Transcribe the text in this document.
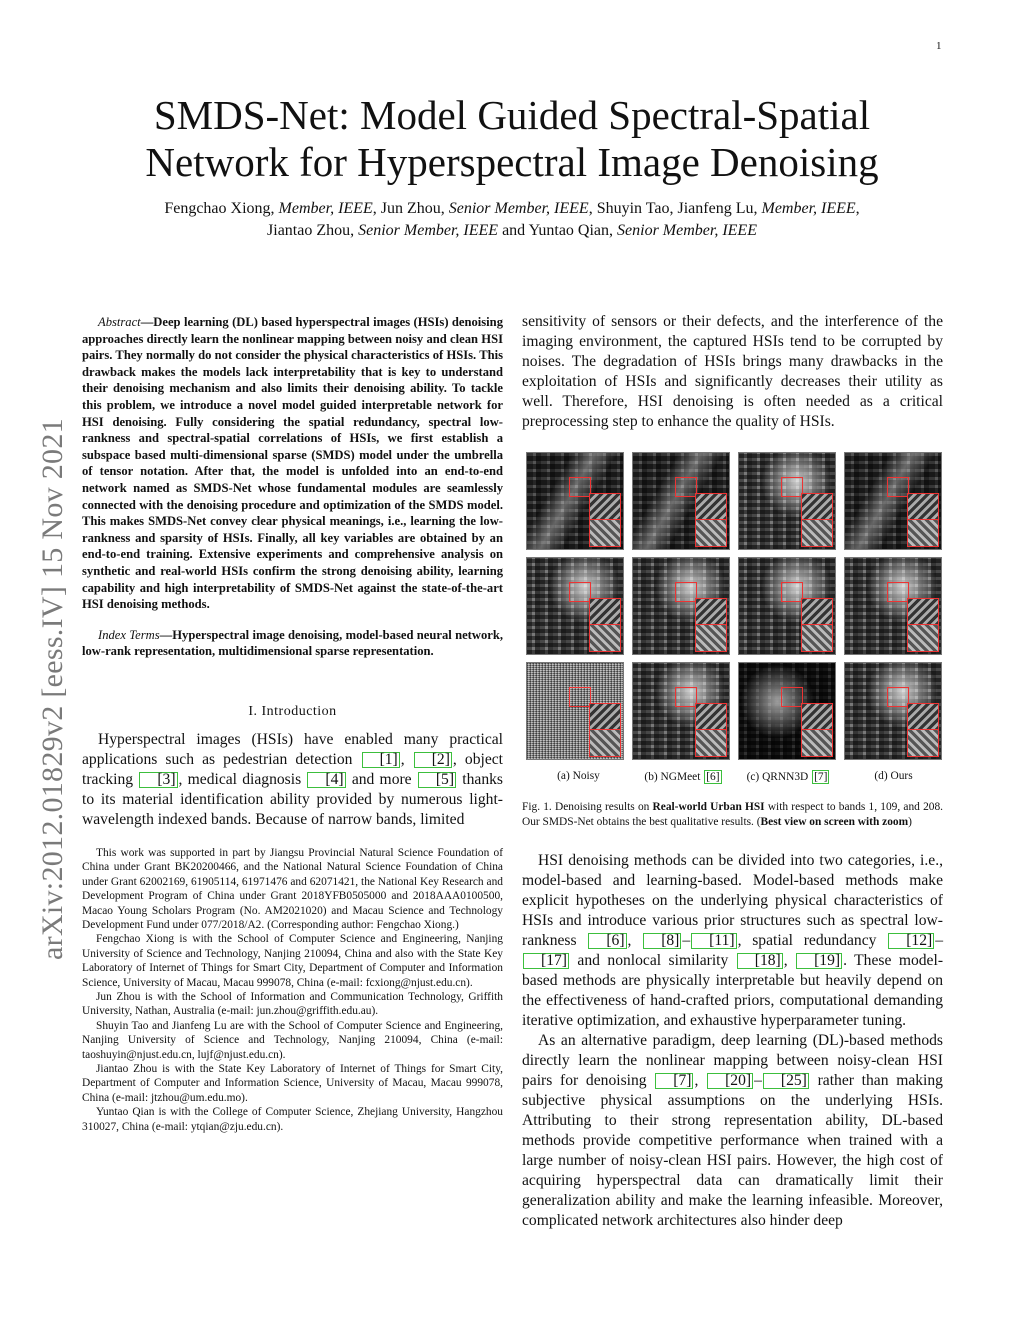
1
arXiv:2012.01829v2 [eess.IV] 15 Nov 2021
SMDS-Net: Model Guided Spectral-Spatial
Network for Hyperspectral Image Denoising
Fengchao Xiong, Member, IEEE, Jun Zhou, Senior Member, IEEE, Shuyin Tao, Jianfeng Lu, Member, IEEE,
Jiantao Zhou, Senior Member, IEEE and Yuntao Qian, Senior Member, IEEE

Abstract—Deep learning (DL) based hyperspectral images (HSIs) denoising approaches directly learn the nonlinear mapping between noisy and clean HSI pairs. They normally do not consider the physical characteristics of HSIs. This drawback makes the models lack interpretability that is key to understand their denoising mechanism and also limits their denoising ability. To tackle this problem, we introduce a novel model guided interpretable network for HSI denoising. Fully considering the spatial redundancy, spectral low-rankness and spectral-spatial correlations of HSIs, we first establish a subspace based multi-dimensional sparse (SMDS) model under the umbrella of tensor notation. After that, the model is unfolded into an end-to-end network named as SMDS-Net whose fundamental modules are seamlessly connected with the denoising procedure and optimization of the SMDS model. This makes SMDS-Net convey clear physical meanings, i.e., learning the low-rankness and sparsity of HSIs. Finally, all key variables are obtained by an end-to-end training. Extensive experiments and comprehensive analysis on synthetic and real-world HSIs confirm the strong denoising ability, learning capability and high interpretability of SMDS-Net against the state-of-the-art HSI denoising methods.

Index Terms—Hyperspectral image denoising, model-based neural network, low-rank representation, multidimensional sparse representation.

I. Introduction

Hyperspectral images (HSIs) have enabled many practical applications such as pedestrian detection [1] , [2] , object tracking [3] , medical diagnosis [4] and more [5] thanks to its material identification ability provided by numerous light-wavelength indexed bands. Because of narrow bands, limited

This work was supported in part by Jiangsu Provincial Natural Science Foundation of China under Grant BK20200466, and the National Natural Science Foundation of China under Grant 62002169, 61905114, 61971476 and 62071421, the National Key Research and Development Program of China under Grant 2018YFB0505000 and 2018AAA0100500, Macao Young Scholars Program (No. AM2021020) and Macau Science and Technology Development Fund under 077/2018/A2. (Corresponding author: Fengchao Xiong.)

Fengchao Xiong is with the School of Computer Science and Engineering, Nanjing University of Science and Technology, Nanjing 210094, China and also with the State Key Laboratory of Internet of Things for Smart City, Department of Computer and Information Science, University of Macau, Macau 999078, China (e-mail: fcxiong@njust.edu.cn).

Jun Zhou is with the School of Information and Communication Technology, Griffith University, Nathan, Australia (e-mail: jun.zhou@griffith.edu.au).

Shuyin Tao and Jianfeng Lu are with the School of Computer Science and Engineering, Nanjing University of Science and Technology, Nanjing 210094, China (e-mail: taoshuyin@njust.edu.cn, lujf@njust.edu.cn).

Jiantao Zhou is with the State Key Laboratory of Internet of Things for Smart City, Department of Computer and Information Science, University of Macau, Macau 999078, China (e-mail: jtzhou@um.edu.mo).

Yuntao Qian is with the College of Computer Science, Zhejiang University, Hangzhou 310027, China (e-mail: ytqian@zju.edu.cn).

sensitivity of sensors or their defects, and the interference of the imaging environment, the captured HSIs tend to be corrupted by noises. The degradation of HSIs brings many drawbacks in the exploitation of HSIs and significantly decreases their utility as well. Therefore, HSI denoising is often needed as a critical preprocessing step to enhance the quality of HSIs.

(a) Noisy	(b) NGMeet [6]	(c) QRNN3D [7]	(d) Ours

Fig. 1. Denoising results on Real-world Urban HSI with respect to bands 1, 109, and 208. Our SMDS-Net obtains the best qualitative results. (Best view on screen with zoom)

HSI denoising methods can be divided into two categories, i.e., model-based and learning-based. Model-based methods make explicit hypotheses on the underlying physical characteristics of HSIs and introduce various prior structures such as spectral low-rankness [6] , [8] – [11] , spatial redundancy [12] –[17] and nonlocal similarity [18] , [19] . These model-based methods are physically interpretable but heavily depend on the effectiveness of hand-crafted priors, computational demanding iterative optimization, and exhaustive hyperparameter tuning.

As an alternative paradigm, deep learning (DL)-based methods directly learn the nonlinear mapping between noisy-clean HSI pairs for denoising [7] , [20] – [25] rather than making subjective physical assumptions on the underlying HSIs. Attributing to their strong representation ability, DL-based methods provide competitive performance when trained with a large number of noisy-clean HSI pairs. However, the high cost of acquiring hyperspectral data can dramatically limit their generalization ability and make the learning infeasible. Moreover, complicated network architectures also hinder deep
